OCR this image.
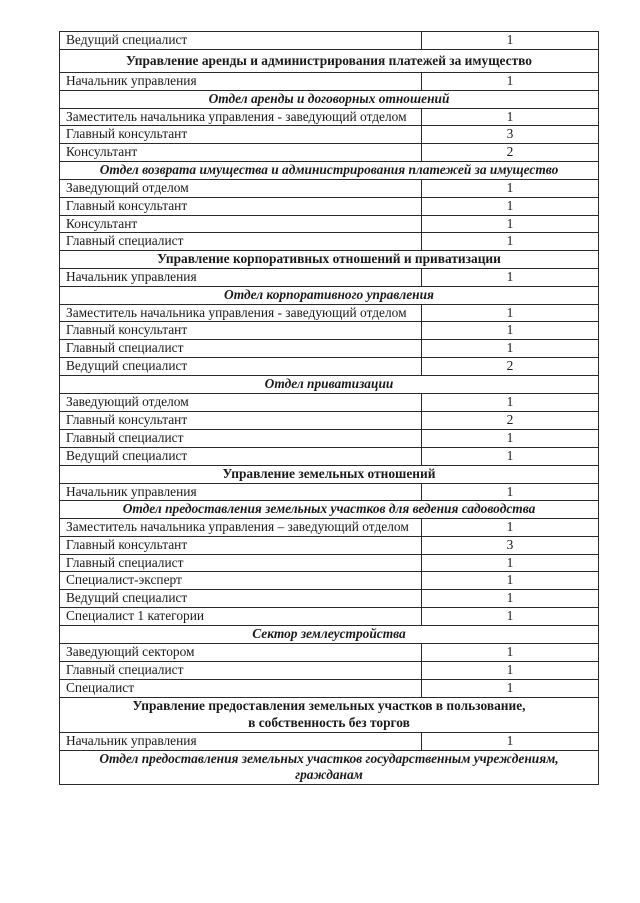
Ведущий специалист	1
Управление аренды и администрирования платежей за имущество	
Начальник управления	1
Отдел аренды и договорных отношений	
Заместитель начальника управления - заведующий отделом	1
Главный консультант	3
Консультант	2
Отдел возврата имущества и администрирования платежей за имущество	
Заведующий отделом	1
Главный консультант	1
Консультант	1
Главный специалист	1
Управление корпоративных отношений и приватизации	
Начальник управления	1
Отдел корпоративного управления	
Заместитель начальника управления - заведующий отделом	1
Главный консультант	1
Главный специалист	1
Ведущий специалист	2
Отдел приватизации	
Заведующий отделом	1
Главный консультант	2
Главный специалист	1
Ведущий специалист	1
Управление земельных отношений	
Начальник управления	1
Отдел предоставления земельных участков для ведения садоводства	
Заместитель начальника управления – заведующий отделом	1
Главный консультант	3
Главный специалист	1
Специалист-эксперт	1
Ведущий специалист	1
Специалист 1 категории	1
Сектор землеустройства	
Заведующий сектором	1
Главный специалист	1
Специалист	1
Управление предоставления земельных участков в пользование,
в собственность без торгов	
Начальник управления	1
Отдел предоставления земельных участков государственным учреждениям,
гражданам	
